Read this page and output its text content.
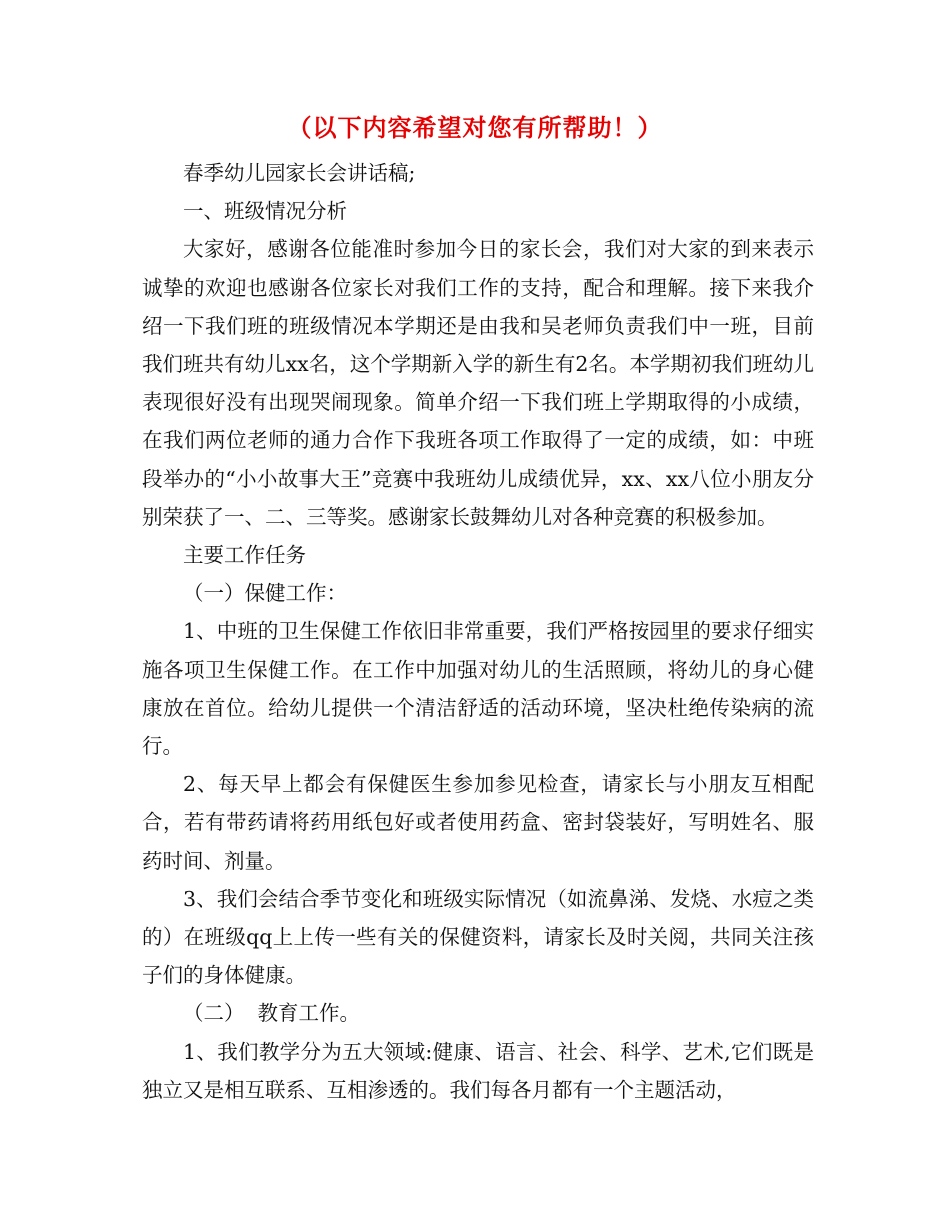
（以下内容希望对您有所帮助！）

春季幼儿园家长会讲话稿;

一、班级情况分析

大家好，感谢各位能准时参加今日的家长会，我们对大家的到来表示诚挚的欢迎也感谢各位家长对我们工作的支持，配合和理解。接下来我介绍一下我们班的班级情况本学期还是由我和吴老师负责我们中一班，目前我们班共有幼儿xx名，这个学期新入学的新生有2名。本学期初我们班幼儿表现很好没有出现哭闹现象。简单介绍一下我们班上学期取得的小成绩，在我们两位老师的通力合作下我班各项工作取得了一定的成绩，如：中班段举办的“小小故事大王”竞赛中我班幼儿成绩优异，xx、xx八位小朋友分别荣获了一、二、三等奖。感谢家长鼓舞幼儿对各种竞赛的积极参加。

主要工作任务

（一）保健工作：

1、中班的卫生保健工作依旧非常重要，我们严格按园里的要求仔细实施各项卫生保健工作。在工作中加强对幼儿的生活照顾，将幼儿的身心健康放在首位。给幼儿提供一个清洁舒适的活动环境，坚决杜绝传染病的流行。

2、每天早上都会有保健医生参加参见检查，请家长与小朋友互相配合，若有带药请将药用纸包好或者使用药盒、密封袋装好，写明姓名、服药时间、剂量。

3、我们会结合季节变化和班级实际情况（如流鼻涕、发烧、水痘之类的）在班级qq上上传一些有关的保健资料，请家长及时关阅，共同关注孩子们的身体健康。

（二）  教育工作。

1、我们教学分为五大领域:健康、语言、社会、科学、艺术,它们既是独立又是相互联系、互相渗透的。我们每各月都有一个主题活动，
